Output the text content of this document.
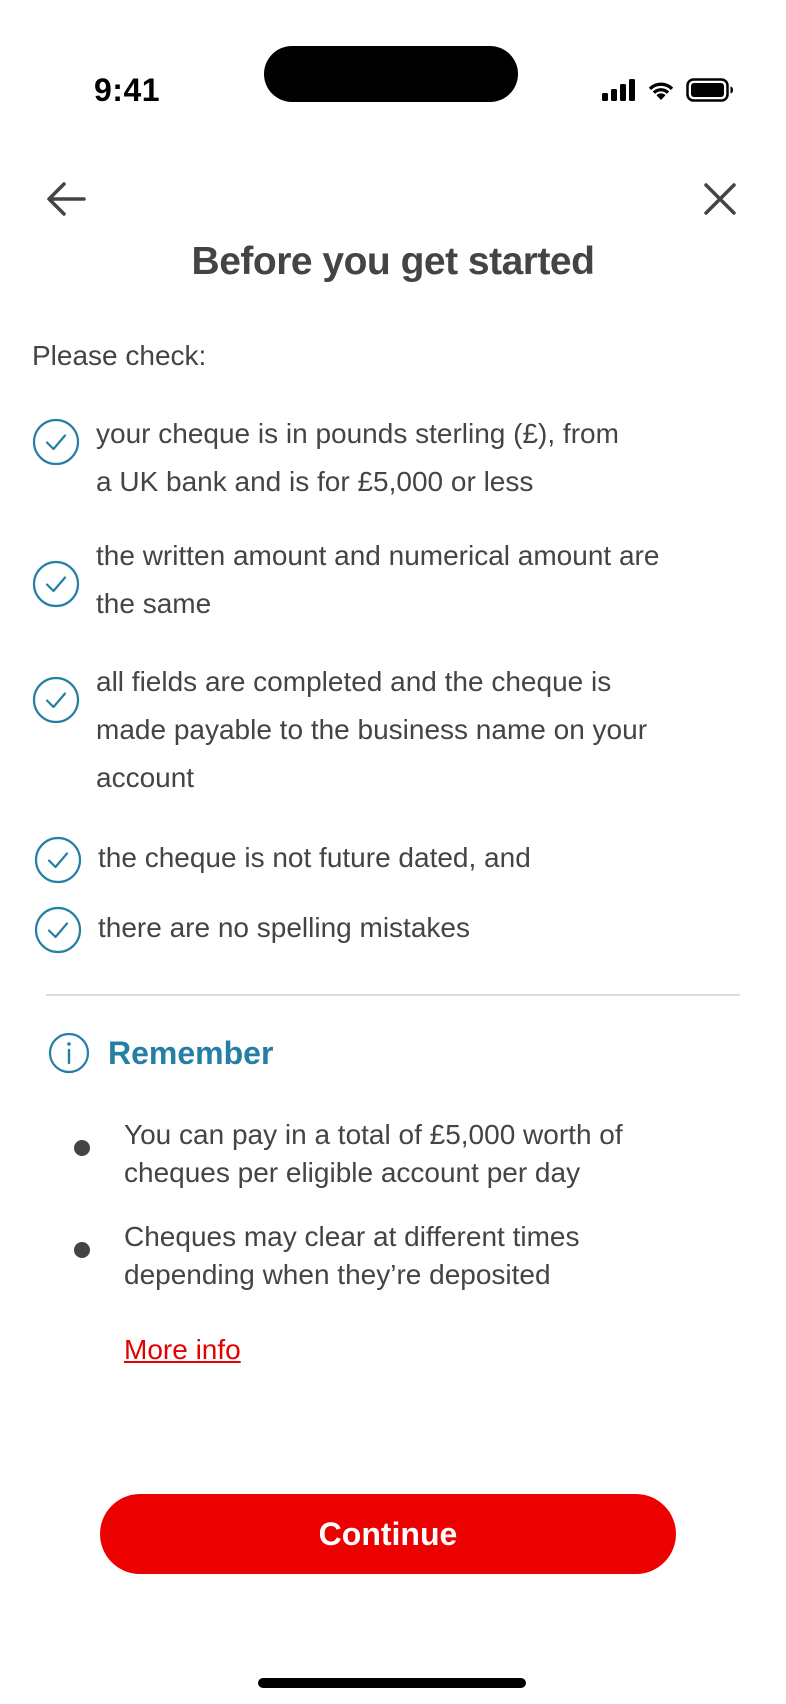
9:41
Before you get started
Please check:
your cheque is in pounds sterling (£), from
a UK bank and is for £5,000 or less
the written amount and numerical amount are
the same
all fields are completed and the cheque is
made payable to the business name on your
account
the cheque is not future dated, and
there are no spelling mistakes
Remember
You can pay in a total of £5,000 worth of
cheques per eligible account per day
Cheques may clear at different times
depending when they’re deposited
More info
Continue
